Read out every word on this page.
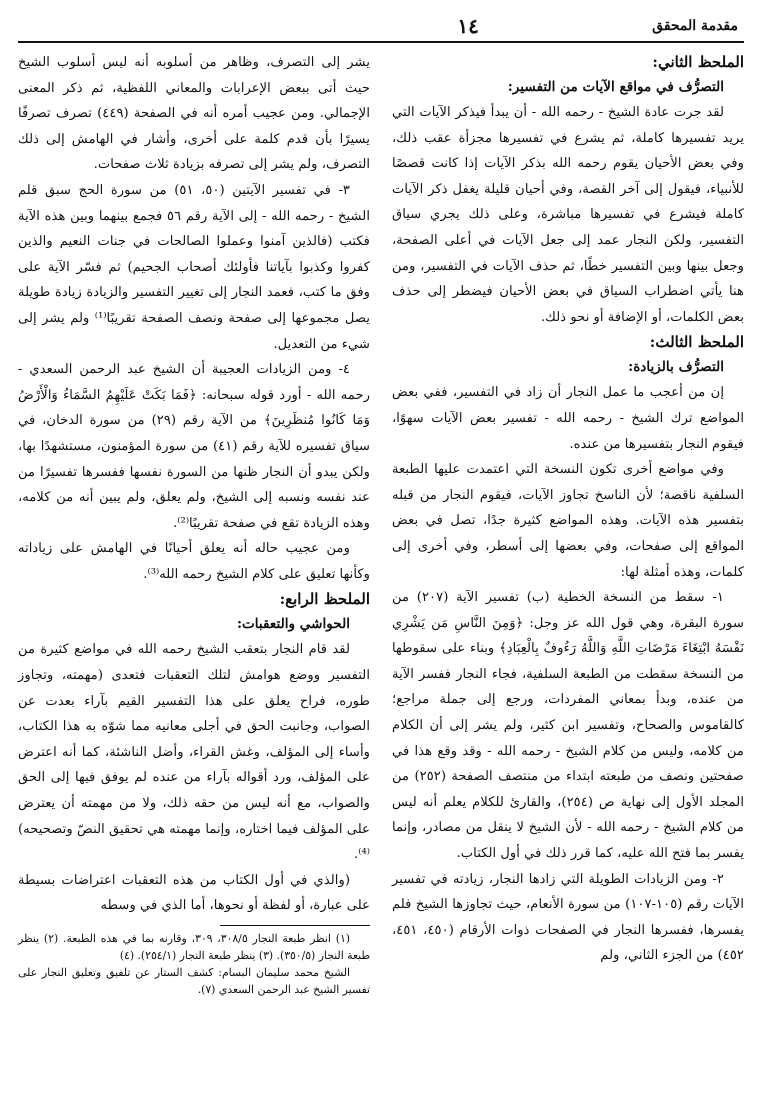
مقدمة المحقق
١٤
الملحظ الثاني:
التصرُّف في مواقع الآيات من التفسير:

لقد جرت عادة الشيخ - رحمه الله - أن يبدأ فيذكر الآيات التي يريد تفسيرها كاملة، ثم يشرع في تفسيرها مجزأة عقب ذلك، وفي بعض الأحيان يقوم رحمه الله بذكر الآيات إذا كانت قصصًا للأنبياء، فيقول إلى آخر القصة، وفي أحيان قليلة يغفل ذكر الآيات كاملة فيشرع في تفسيرها مباشرة، وعلى ذلك يجري سياق التفسير، ولكن النجار عمد إلى جعل الآيات في أعلى الصفحة، وجعل بينها وبين التفسير خطًا، ثم حذف الآيات في التفسير، ومن هنا يأتي اضطراب السياق في بعض الأحيان فيضطر إلى حذف بعض الكلمات، أو الإضافة أو نحو ذلك.

الملحظ الثالث:
التصرُّف بالزيادة:

إن من أعجب ما عمل النجار أن زاد في التفسير، ففي بعض المواضع ترك الشيخ - رحمه الله - تفسير بعض الآيات سهوًا، فيقوم النجار بتفسيرها من عنده.

وفي مواضع أخرى تكون النسخة التي اعتمدت عليها الطبعة السلفية ناقصة؛ لأن الناسخ تجاوز الآيات، فيقوم النجار من قبله بتفسير هذه الآيات. وهذه المواضع كثيرة جدًا، تصل في بعض المواقع إلى صفحات، وفي بعضها إلى أسطر، وفي أخرى إلى كلمات، وهذه أمثلة لها:

١- سقط من النسخة الخطية (ب) تفسير الآية (٢٠٧) من سورة البقرة، وهي قول الله عز وجل: ﴿وَمِنَ النَّاسِ مَن يَشْرِي نَفْسَهُ ابْتِغَاءَ مَرْضَاتِ اللَّهِ وَاللَّهُ رَءُوفٌ بِالْعِبَادِ﴾ وبناء على سقوطها من النسخة سقطت من الطبعة السلفية، فجاء النجار ففسر الآية من عنده، وبدأ بمعاني المفردات، ورجع إلى جملة مراجع؛ كالقاموس والصحاح، وتفسير ابن كثير، ولم يشر إلى أن الكلام من كلامه، وليس من كلام الشيخ - رحمه الله - وقد وقع هذا في صفحتين ونصف من طبعته ابتداء من منتصف الصفحة (٢٥٢) من المجلد الأول إلى نهاية ص (٢٥٤)، والقارئ للكلام يعلم أنه ليس من كلام الشيخ - رحمه الله - لأن الشيخ لا ينقل من مصادر، وإنما يفسر بما فتح الله عليه، كما قرر ذلك في أول الكتاب.

٢- ومن الزيادات الطويلة التي زادها النجار، زيادته في تفسير الآيات رقم (١٠٥-١٠٧) من سورة الأنعام، حيث تجاوزها الشيخ فلم يفسرها، ففسرها النجار في الصفحات ذوات الأرقام (٤٥٠، ٤٥١، ٤٥٢) من الجزء الثاني، ولم

يشر إلى التصرف، وظاهر من أسلوبه أنه ليس أسلوب الشيخ حيث أتى ببعض الإعرابات والمعاني اللفظية، ثم ذكر المعنى الإجمالي. ومن عجيب أمره أنه في الصفحة (٤٤٩) تصرف تصرفًا يسيرًا بأن قدم كلمة على أخرى، وأشار في الهامش إلى ذلك التصرف، ولم يشر إلى تصرفه بزيادة ثلاث صفحات.

٣- في تفسير الآيتين (٥٠، ٥١) من سورة الحج سبق قلم الشيخ - رحمه الله - إلى الآية رقم ٥٦ فجمع بينهما وبين هذه الآية فكتب (فالذين آمنوا وعملوا الصالحات في جنات النعيم والذين كفروا وكذبوا بآياتنا فأولئك أصحاب الجحيم) ثم فسّر الآية على وفق ما كتب، فعمد النجار إلى تغيير التفسير والزيادة زيادة طويلة يصل مجموعها إلى صفحة ونصف الصفحة تقريبًا⁽¹⁾ ولم يشر إلى شيء من التعديل.

٤- ومن الزيادات العجيبة أن الشيخ عبد الرحمن السعدي - رحمه الله - أورد قوله سبحانه: ﴿فَمَا بَكَتْ عَلَيْهِمُ السَّمَاءُ وَالْأَرْضُ وَمَا كَانُوا مُنظَرِينَ﴾ من الآية رقم (٢٩) من سورة الدخان، في سياق تفسيره للآية رقم (٤١) من سورة المؤمنون، مستشهدًا بها، ولكن يبدو أن النجار ظنها من السورة نفسها ففسرها تفسيرًا من عند نفسه ونسبه إلى الشيخ، ولم يعلق، ولم يبين أنه من كلامه، وهذه الزيادة تقع في صفحة تقريبًا⁽²⁾.

ومن عجيب حاله أنه يعلق أحيانًا في الهامش على زياداته وكأنها تعليق على كلام الشيخ رحمه الله⁽³⁾.

الملحظ الرابع:
الحواشي والتعقبات:

لقد قام النجار بتعقب الشيخ رحمه الله في مواضع كثيرة من التفسير ووضع هوامش لتلك التعقبات فتعدى (مهمته، وتجاوز طوره، فراح يعلق على هذا التفسير القيم بآراء بعدت عن الصواب، وجانبت الحق في أجلى معانيه مما شوّه به هذا الكتاب، وأساء إلى المؤلف، وغش القراء، وأضل الناشئة، كما أنه اعترض على المؤلف، ورد أقواله بآراء من عنده لم يوفق فيها إلى الحق والصواب، مع أنه ليس من حقه ذلك، ولا من مهمته أن يعترض على المؤلف فيما اختاره، وإنما مهمته هي تحقيق النصّ وتصحيحه)⁽⁴⁾.

(والذي في أول الكتاب من هذه التعقبات اعتراضات بسيطة على عبارة، أو لفظة أو نحوها، أما الذي في وسطه

(١) انظر طبعة النجار ٣٠٨/٥، ٣٠٩، وقارنه بما في هذه الطبعة. (٢) ينظر طبعة النجار (٣٥٠/٥). (٣) ينظر طبعة النجار (٢٥٤/١). (٤)

الشيخ محمد سليمان البسام: كشف الستار عن تلفيق وتعليق النجار على تفسير الشيخ عبد الرحمن السعدي (٧).
